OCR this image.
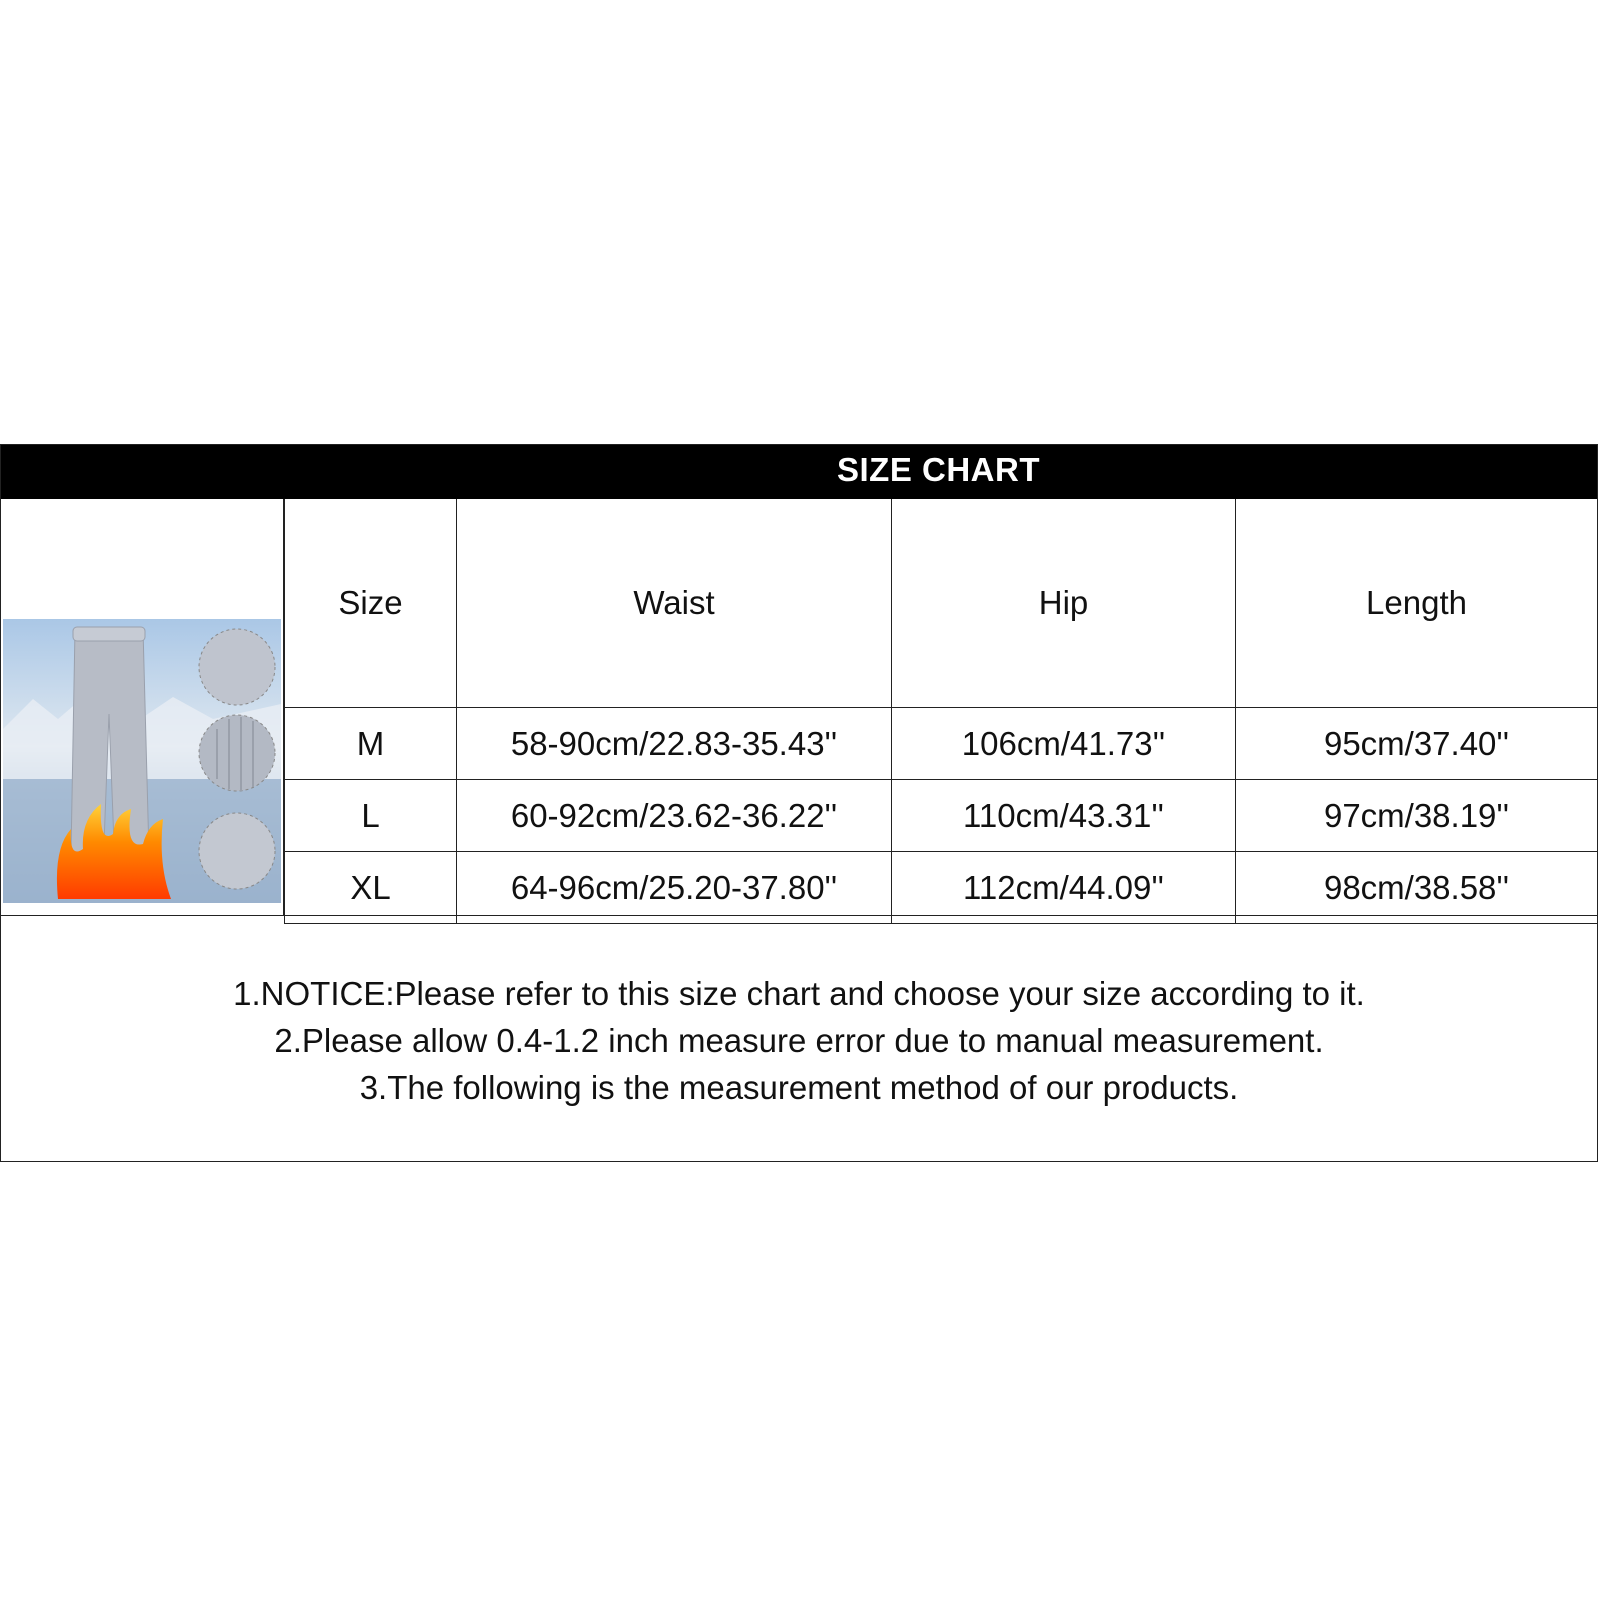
SIZE CHART
Size	Waist	Hip	Length
M	58-90cm/22.83-35.43''	106cm/41.73''	95cm/37.40''
L	60-92cm/23.62-36.22''	110cm/43.31''	97cm/38.19''
XL	64-96cm/25.20-37.80''	112cm/44.09''	98cm/38.58''
1.NOTICE:Please refer to this size chart and choose your size according to it.
2.Please allow 0.4-1.2 inch measure error due to manual measurement.
3.The following is the measurement method of our products.
